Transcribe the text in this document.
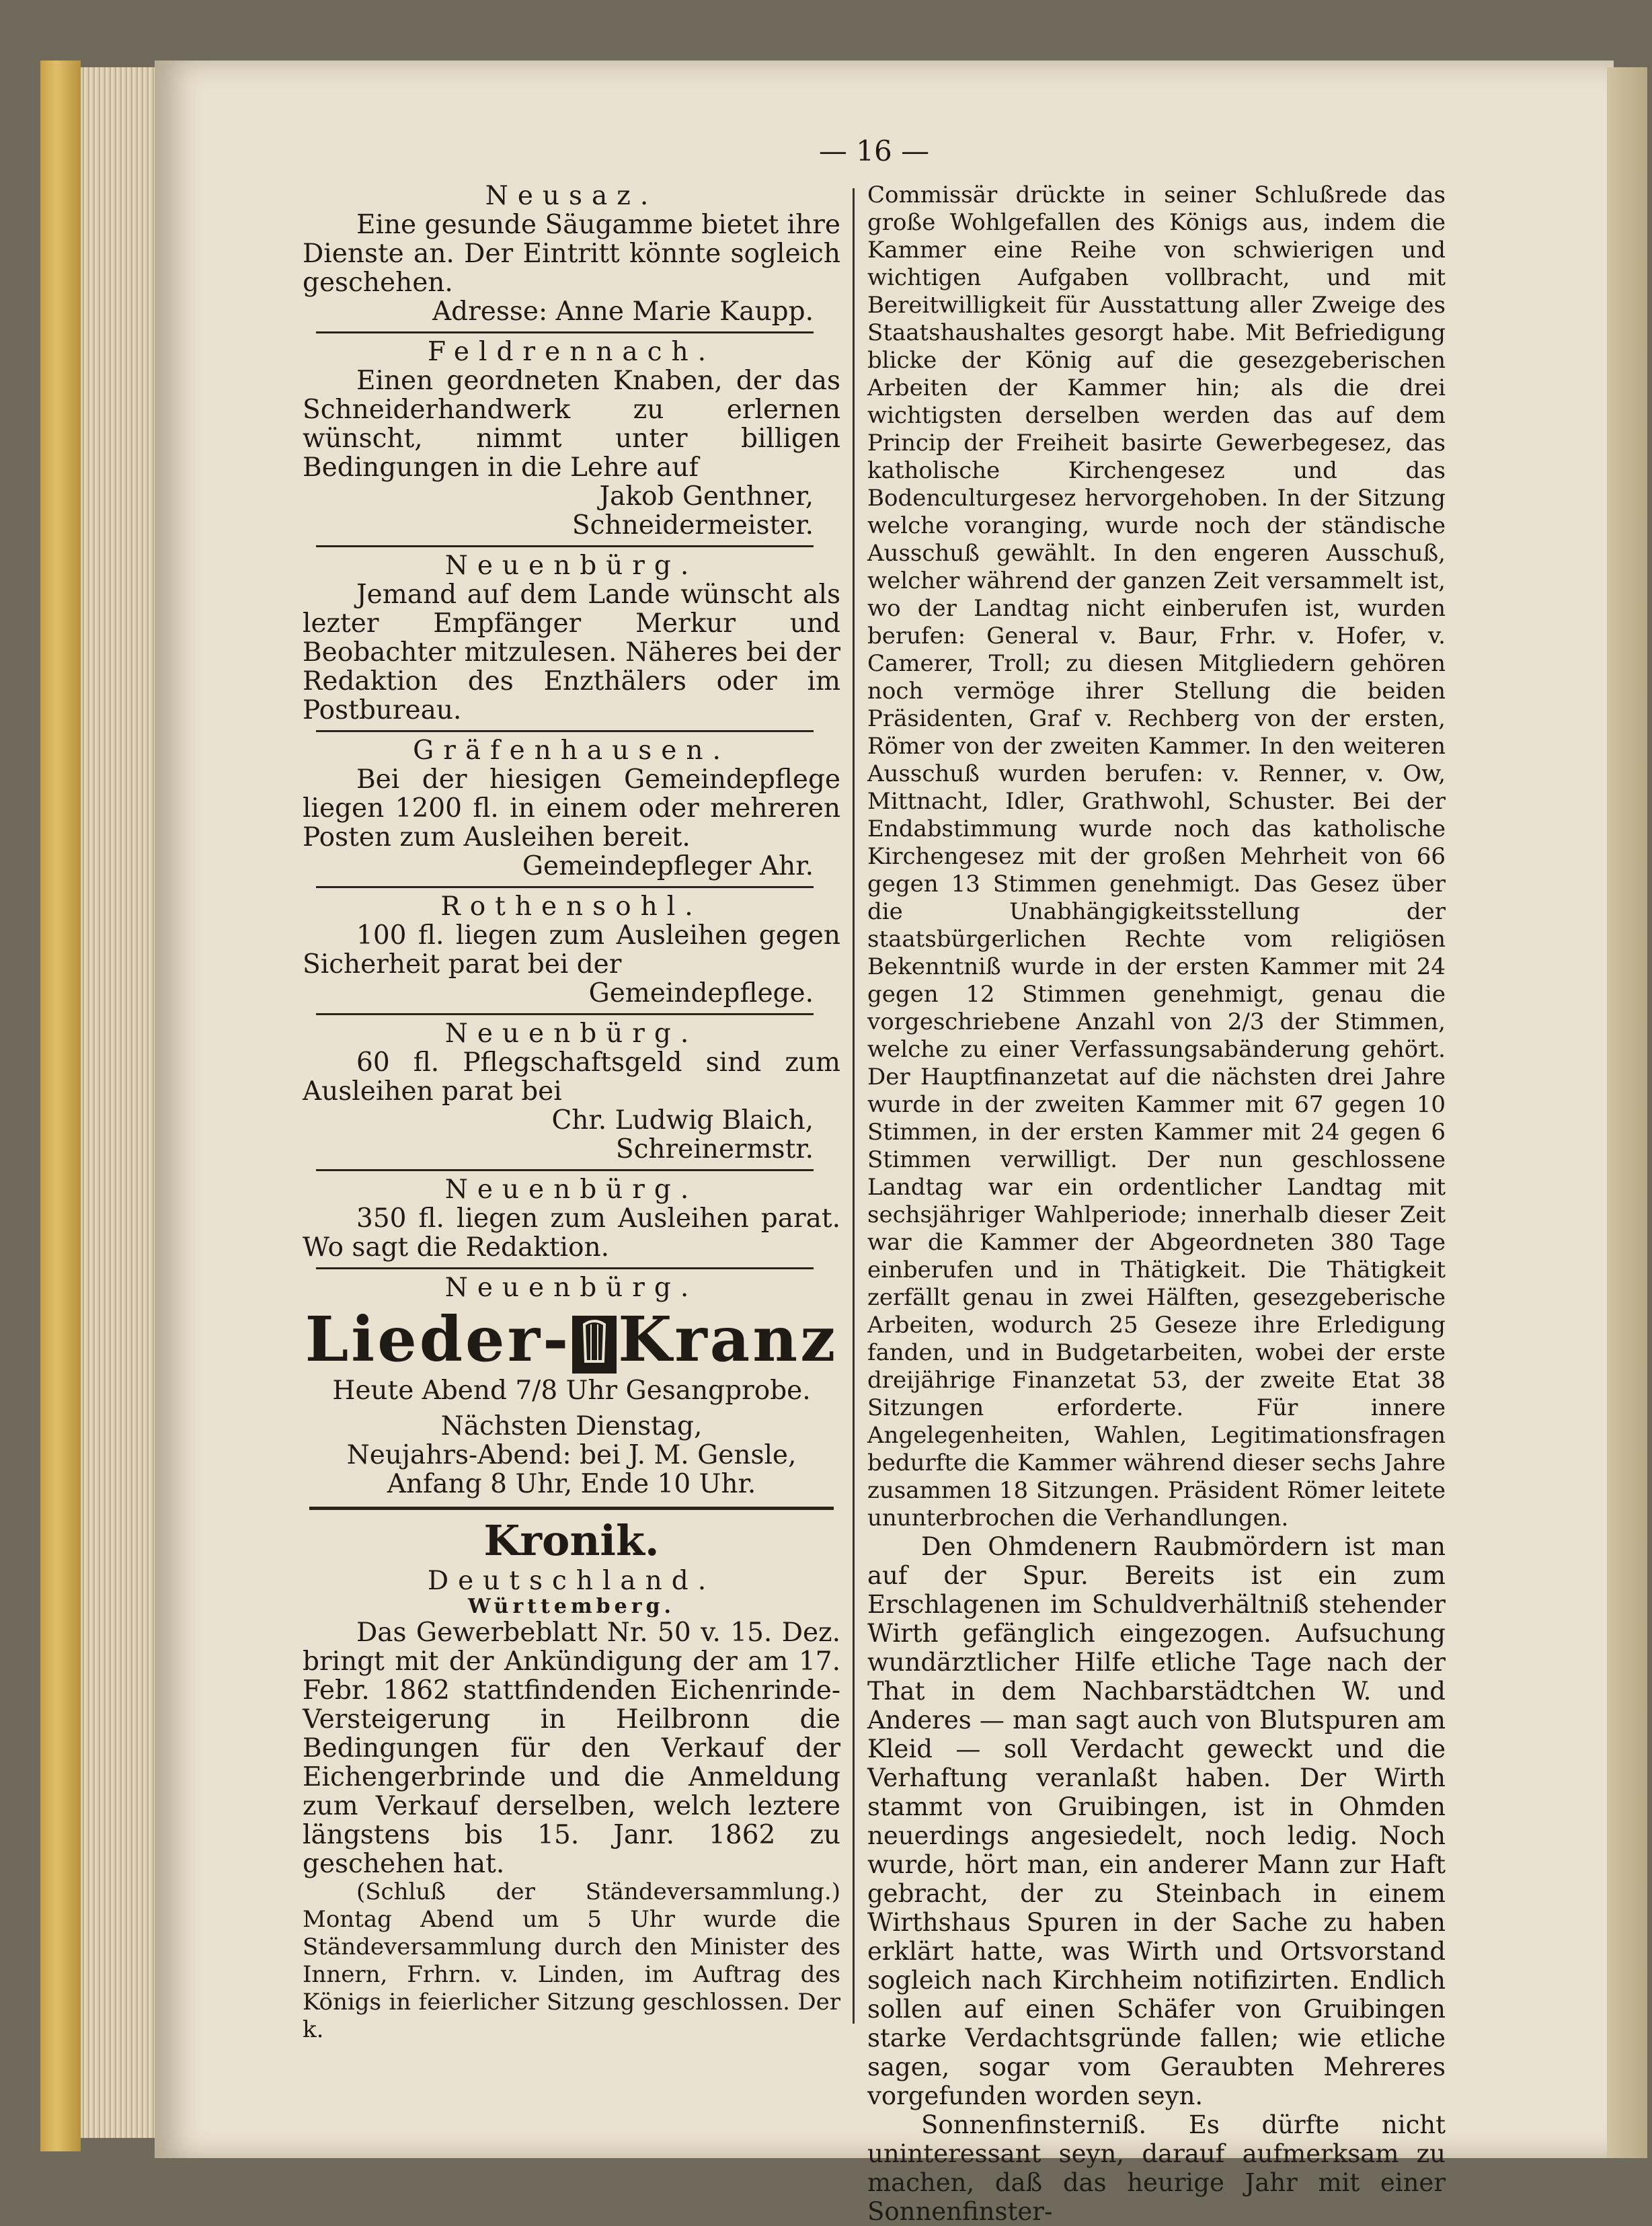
— 16 —

Neusaz.

Eine gesunde Säugamme bietet ihre Dienste an. Der Eintritt könnte sogleich geschehen.

Adresse: Anne Marie Kaupp.

Feldrennach.

Einen geordneten Knaben, der das Schneiderhandwerk zu erlernen wünscht, nimmt unter billigen Bedingungen in die Lehre auf

Jakob Genthner,

Schneidermeister.

Neuenbürg.

Jemand auf dem Lande wünscht als lezter Empfänger Merkur und Beobachter mitzulesen. Näheres bei der Redaktion des Enzthälers oder im Postbureau.

Gräfenhausen.

Bei der hiesigen Gemeindepflege liegen 1200 fl. in einem oder mehreren Posten zum Ausleihen bereit.

Gemeindepfleger Ahr.

Rothensohl.

100 fl. liegen zum Ausleihen gegen Sicherheit parat bei der

Gemeindepflege.

Neuenbürg.

60 fl. Pflegschaftsgeld sind zum Ausleihen parat bei

Chr. Ludwig Blaich,

Schreinermstr.

Neuenbürg.

350 fl. liegen zum Ausleihen parat. Wo sagt die Redaktion.

Neuenbürg.

Lieder- Kranz

Heute Abend 7/8 Uhr Gesangprobe.

Nächsten Dienstag,

Neujahrs-Abend: bei J. M. Gensle,

Anfang 8 Uhr, Ende 10 Uhr.

Kronik.

Deutschland.

Württemberg.

Das Gewerbeblatt Nr. 50 v. 15. Dez. bringt mit der Ankündigung der am 17. Febr. 1862 stattfindenden Eichenrinde-Versteigerung in Heilbronn die Bedingungen für den Verkauf der Eichengerbrinde und die Anmeldung zum Verkauf derselben, welch leztere längstens bis 15. Janr. 1862 zu geschehen hat.

(Schluß der Ständeversammlung.) Montag Abend um 5 Uhr wurde die Ständeversammlung durch den Minister des Innern, Frhrn. v. Linden, im Auftrag des Königs in feierlicher Sitzung geschlossen. Der k.

Commissär drückte in seiner Schlußrede das große Wohlgefallen des Königs aus, indem die Kammer eine Reihe von schwierigen und wichtigen Aufgaben vollbracht, und mit Bereitwilligkeit für Ausstattung aller Zweige des Staatshaushaltes gesorgt habe. Mit Befriedigung blicke der König auf die gesezgeberischen Arbeiten der Kammer hin; als die drei wichtigsten derselben werden das auf dem Princip der Freiheit basirte Gewerbegesez, das katholische Kirchengesez und das Bodenculturgesez hervorgehoben. In der Sitzung welche voranging, wurde noch der ständische Ausschuß gewählt. In den engeren Ausschuß, welcher während der ganzen Zeit versammelt ist, wo der Landtag nicht einberufen ist, wurden berufen: General v. Baur, Frhr. v. Hofer, v. Camerer, Troll; zu diesen Mitgliedern gehören noch vermöge ihrer Stellung die beiden Präsidenten, Graf v. Rechberg von der ersten, Römer von der zweiten Kammer. In den weiteren Ausschuß wurden berufen: v. Renner, v. Ow, Mittnacht, Idler, Grathwohl, Schuster. Bei der Endabstimmung wurde noch das katholische Kirchengesez mit der großen Mehrheit von 66 gegen 13 Stimmen genehmigt. Das Gesez über die Unabhängigkeitsstellung der staatsbürgerlichen Rechte vom religiösen Bekenntniß wurde in der ersten Kammer mit 24 gegen 12 Stimmen genehmigt, genau die vorgeschriebene Anzahl von 2/3 der Stimmen, welche zu einer Verfassungsabänderung gehört. Der Hauptfinanzetat auf die nächsten drei Jahre wurde in der zweiten Kammer mit 67 gegen 10 Stimmen, in der ersten Kammer mit 24 gegen 6 Stimmen verwilligt. Der nun geschlossene Landtag war ein ordentlicher Landtag mit sechsjähriger Wahlperiode; innerhalb dieser Zeit war die Kammer der Abgeordneten 380 Tage einberufen und in Thätigkeit. Die Thätigkeit zerfällt genau in zwei Hälften, gesezgeberische Arbeiten, wodurch 25 Geseze ihre Erledigung fanden, und in Budgetarbeiten, wobei der erste dreijährige Finanzetat 53, der zweite Etat 38 Sitzungen erforderte. Für innere Angelegenheiten, Wahlen, Legitimationsfragen bedurfte die Kammer während dieser sechs Jahre zusammen 18 Sitzungen. Präsident Römer leitete ununterbrochen die Verhandlungen.

Den Ohmdenern Raubmördern ist man auf der Spur. Bereits ist ein zum Erschlagenen im Schuldverhältniß stehender Wirth gefänglich eingezogen. Aufsuchung wundärztlicher Hilfe etliche Tage nach der That in dem Nachbarstädtchen W. und Anderes — man sagt auch von Blutspuren am Kleid — soll Verdacht geweckt und die Verhaftung veranlaßt haben. Der Wirth stammt von Gruibingen, ist in Ohmden neuerdings angesiedelt, noch ledig. Noch wurde, hört man, ein anderer Mann zur Haft gebracht, der zu Steinbach in einem Wirthshaus Spuren in der Sache zu haben erklärt hatte, was Wirth und Ortsvorstand sogleich nach Kirchheim notifizirten. Endlich sollen auf einen Schäfer von Gruibingen starke Verdachtsgründe fallen; wie etliche sagen, sogar vom Geraubten Mehreres vorgefunden worden seyn.

Sonnenfinsterniß. Es dürfte nicht uninteressant seyn, darauf aufmerksam zu machen, daß das heurige Jahr mit einer Sonnenfinster-
